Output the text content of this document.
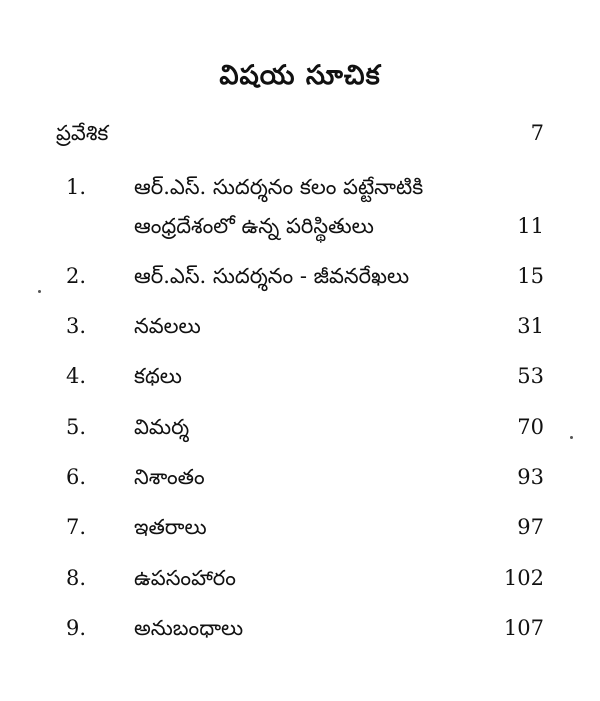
విషయ సూచిక
ప్రవేశిక	7
1. ఆర్.ఎస్. సుదర్శనం కలం పట్టేనాటికి
ఆంధ్రదేశంలో ఉన్న పరిస్థితులు	11
2. ఆర్.ఎస్. సుదర్శనం - జీవనరేఖలు	15
3. నవలలు	31
4. కథలు	53
5. విమర్శ	70
6. నిశాంతం	93
7. ఇతరాలు	97
8. ఉపసంహారం	102
9. అనుబంధాలు	107
